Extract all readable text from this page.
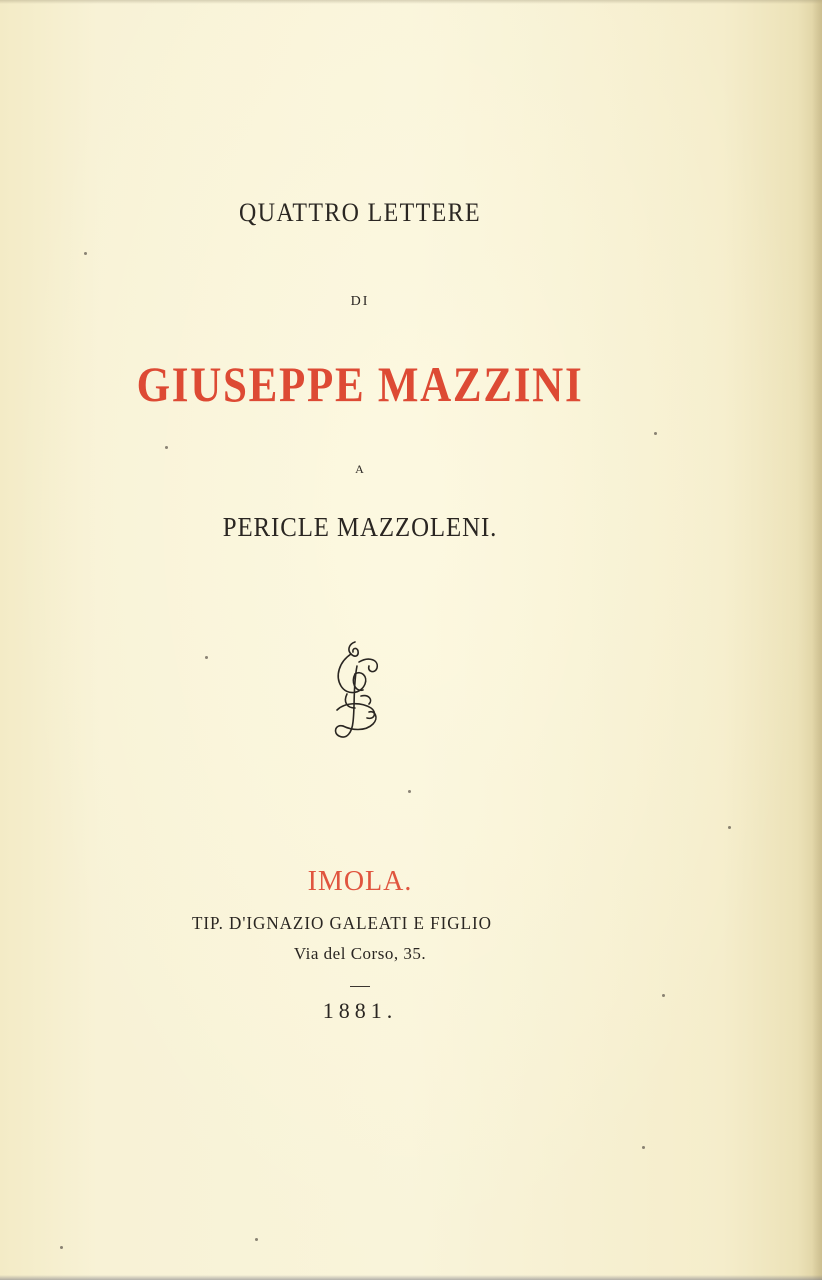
QUATTRO LETTERE

DI

GIUSEPPE MAZZINI

A

PERICLE MAZZOLENI.

IMOLA.

TIP. D'IGNAZIO GALEATI E FIGLIO

Via del Corso, 35.

1881.
